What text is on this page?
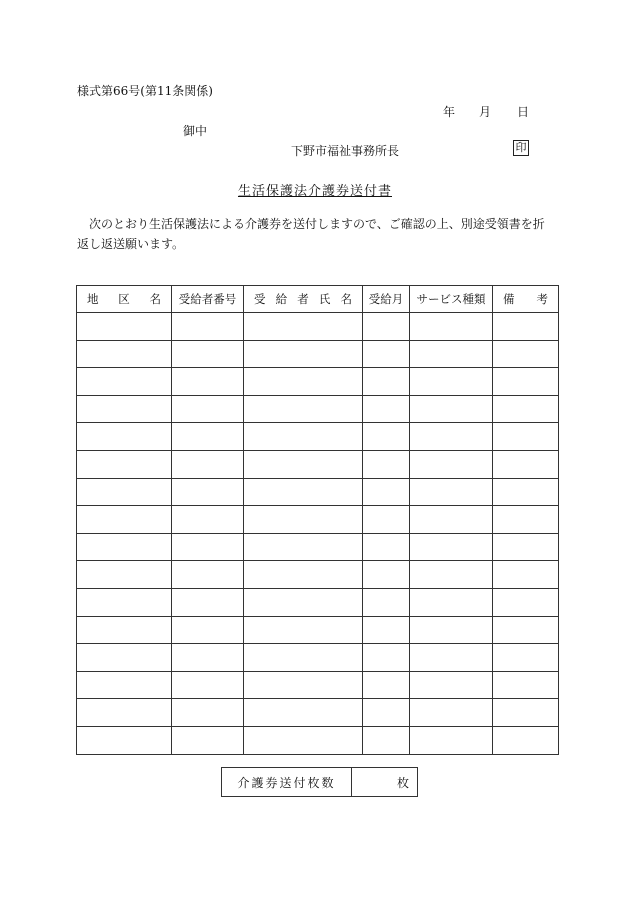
様式第66号(第11条関係)
年 月 日
御中
下野市福祉事務所長	印
生活保護法介護券送付書
次のとおり生活保護法による介護券を送付しますので、ご確認の上、別途受領書を折返し返送願います。
地 区 名	受給者番号	受 給 者 氏 名	受給月	サービス種類	備 考

介護券送付枚数	枚
